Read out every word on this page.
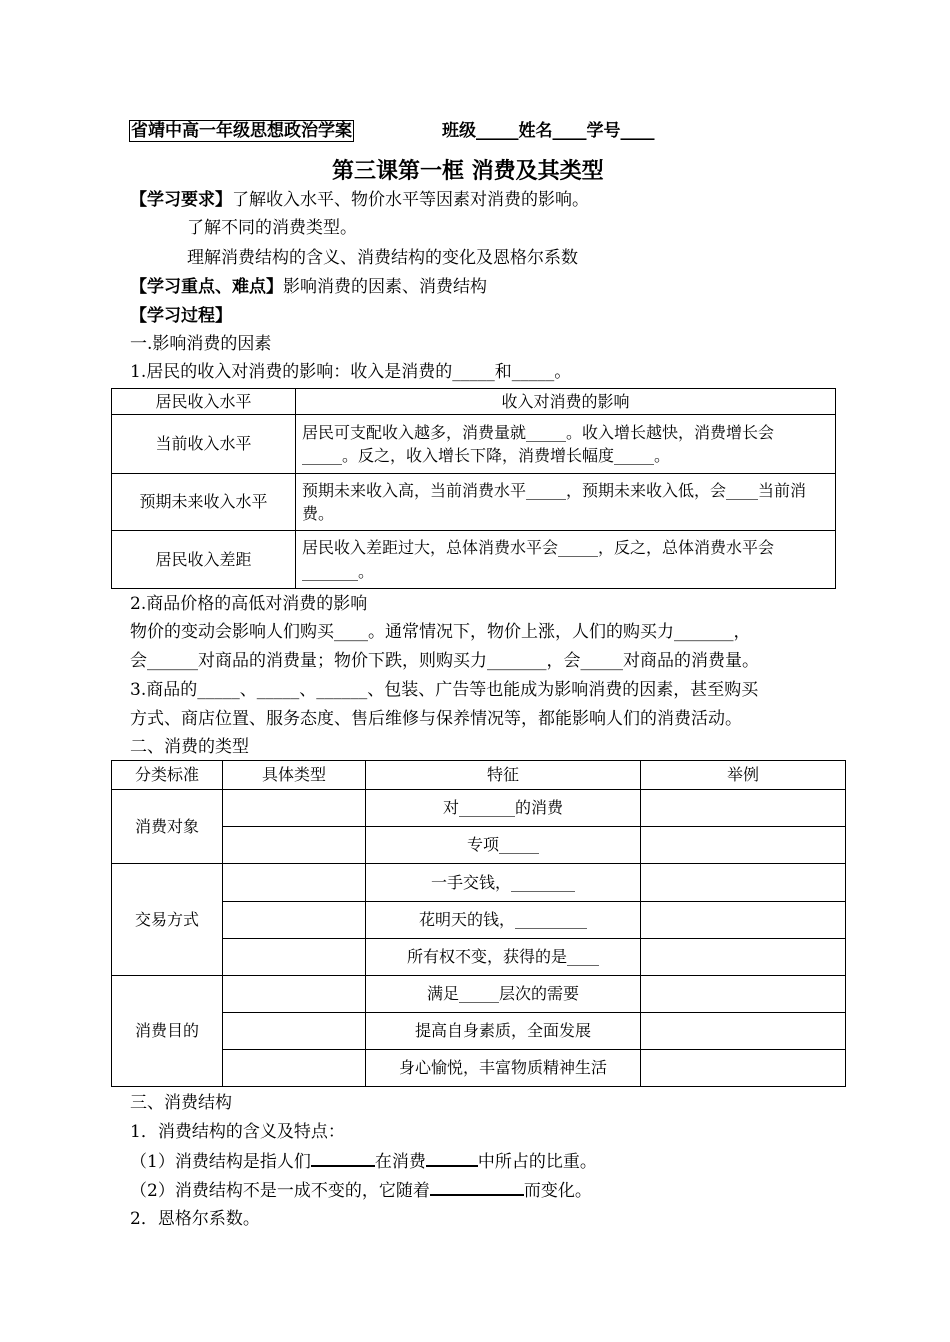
省靖中高一年级思想政治学案	班级_____姓名____学号____
第三课第一框 消费及其类型
【学习要求】了解收入水平、物价水平等因素对消费的影响。
了解不同的消费类型。
理解消费结构的含义、消费结构的变化及恩格尔系数
【学习重点、难点】影响消费的因素、消费结构
【学习过程】
一.影响消费的因素
1.居民的收入对消费的影响：收入是消费的_____和_____。
居民收入水平	收入对消费的影响
当前收入水平	居民可支配收入越多，消费量就_____。收入增长越快，消费增长会_____。反之，收入增长下降，消费增长幅度_____。
预期未来收入水平	预期未来收入高，当前消费水平_____，预期未来收入低，会____当前消费。
居民收入差距	居民收入差距过大，总体消费水平会_____，反之，总体消费水平会_______。
2.商品价格的高低对消费的影响
物价的变动会影响人们购买____。通常情况下，物价上涨，人们的购买力_______，
会______对商品的消费量；物价下跌，则购买力_______，会_____对商品的消费量。
3.商品的_____、_____、______、包装、广告等也能成为影响消费的因素，甚至购买
方式、商店位置、服务态度、售后维修与保养情况等，都能影响人们的消费活动。
二、消费的类型
分类标准	具体类型	特征	举例
消费对象		对_______的消费	
		专项_____	
交易方式		一手交钱，________	
		花明天的钱，_________	
		所有权不变，获得的是____	
消费目的		满足_____层次的需要	
		提高自身素质，全面发展	
		身心愉悦，丰富物质精神生活	
三、消费结构
1．消费结构的含义及特点：
（1）消费结构是指人们	在消费	中所占的比重。
（2）消费结构不是一成不变的，它随着	而变化。
2．恩格尔系数。
